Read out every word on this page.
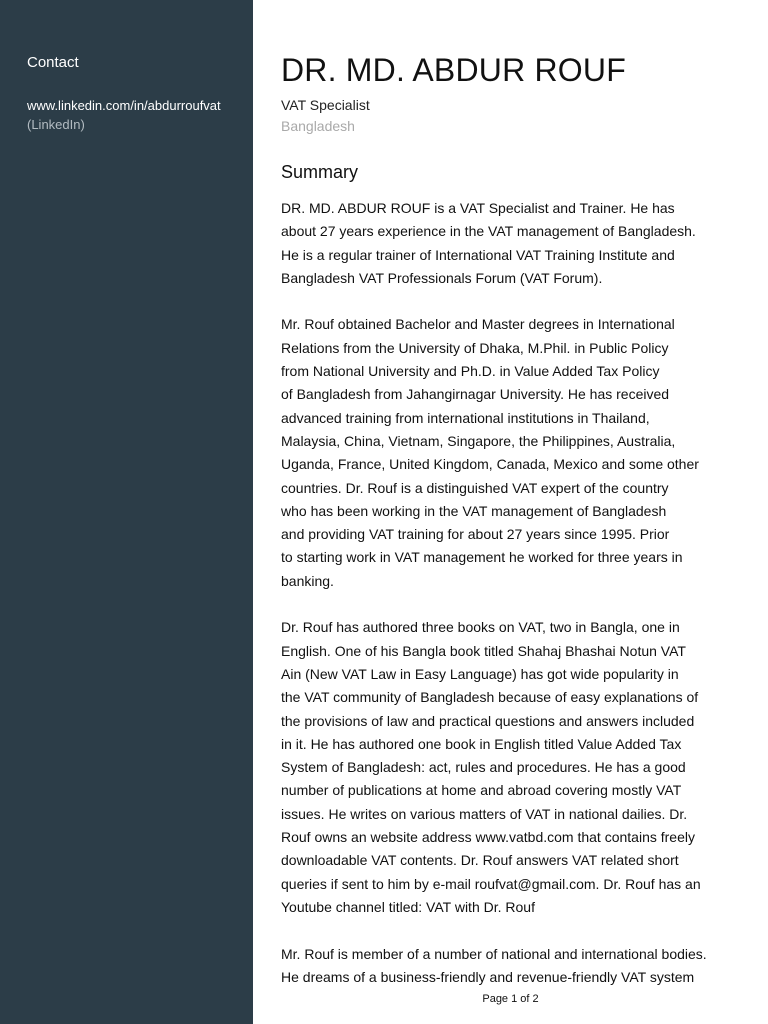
Contact
www.linkedin.com/in/abdurroufvat
(LinkedIn)
DR. MD. ABDUR ROUF
VAT Specialist
Bangladesh
Summary

DR. MD. ABDUR ROUF is a VAT Specialist and Trainer. He has
about 27 years experience in the VAT management of Bangladesh.
He is a regular trainer of International VAT Training Institute and
Bangladesh VAT Professionals Forum (VAT Forum).

Mr. Rouf obtained Bachelor and Master degrees in International
Relations from the University of Dhaka, M.Phil. in Public Policy
from National University and Ph.D. in Value Added Tax Policy
of Bangladesh from Jahangirnagar University. He has received
advanced training from international institutions in Thailand,
Malaysia, China, Vietnam, Singapore, the Philippines, Australia,
Uganda, France, United Kingdom, Canada, Mexico and some other
countries. Dr. Rouf is a distinguished VAT expert of the country
who has been working in the VAT management of Bangladesh
and providing VAT training for about 27 years since 1995. Prior
to starting work in VAT management he worked for three years in
banking.

Dr. Rouf has authored three books on VAT, two in Bangla, one in
English. One of his Bangla book titled Shahaj Bhashai Notun VAT
Ain (New VAT Law in Easy Language) has got wide popularity in
the VAT community of Bangladesh because of easy explanations of
the provisions of law and practical questions and answers included
in it. He has authored one book in English titled Value Added Tax
System of Bangladesh: act, rules and procedures. He has a good
number of publications at home and abroad covering mostly VAT
issues. He writes on various matters of VAT in national dailies. Dr.
Rouf owns an website address www.vatbd.com that contains freely
downloadable VAT contents. Dr. Rouf answers VAT related short
queries if sent to him by e-mail roufvat@gmail.com. Dr. Rouf has an
Youtube channel titled: VAT with Dr. Rouf

Mr. Rouf is member of a number of national and international bodies.
He dreams of a business-friendly and revenue-friendly VAT system

Page 1 of 2
